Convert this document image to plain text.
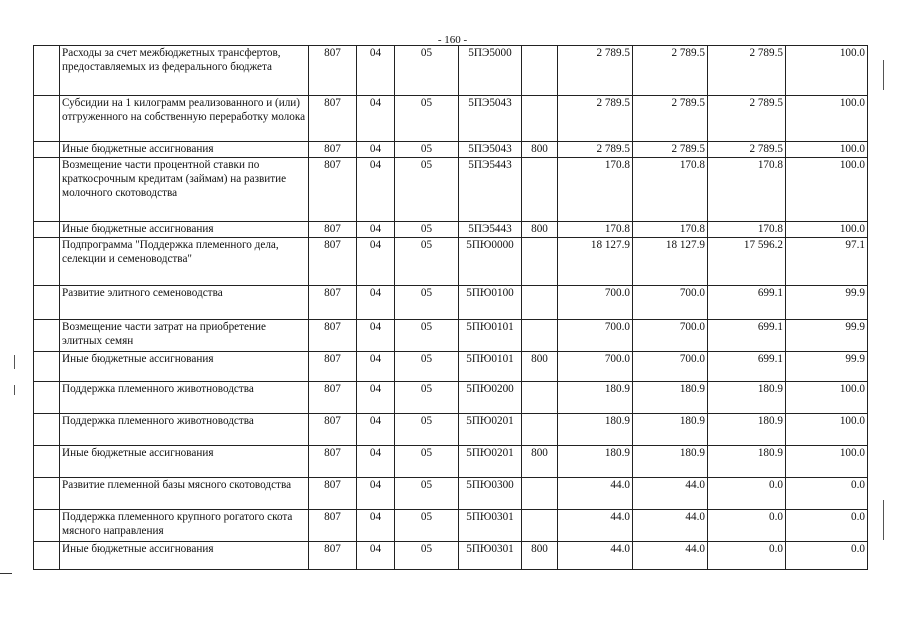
- 160 -
	Расходы за счет межбюджетных трансфертов, предоставляемых из федерального бюджета	807	04	05	5ПЭ5000		2 789.5	2 789.5	2 789.5	100.0
	Субсидии на 1 килограмм реализованного и (или) отгруженного на собственную переработку молока	807	04	05	5ПЭ5043		2 789.5	2 789.5	2 789.5	100.0
	Иные бюджетные ассигнования	807	04	05	5ПЭ5043	800	2 789.5	2 789.5	2 789.5	100.0
	Возмещение части процентной ставки по краткосрочным кредитам (займам) на развитие молочного скотоводства	807	04	05	5ПЭ5443		170.8	170.8	170.8	100.0
	Иные бюджетные ассигнования	807	04	05	5ПЭ5443	800	170.8	170.8	170.8	100.0
	Подпрограмма "Поддержка племенного дела, селекции и семеноводства"	807	04	05	5ПЮ0000		18 127.9	18 127.9	17 596.2	97.1
	Развитие элитного семеноводства	807	04	05	5ПЮ0100		700.0	700.0	699.1	99.9
	Возмещение части затрат на приобретение элитных семян	807	04	05	5ПЮ0101		700.0	700.0	699.1	99.9
	Иные бюджетные ассигнования	807	04	05	5ПЮ0101	800	700.0	700.0	699.1	99.9
	Поддержка племенного животноводства	807	04	05	5ПЮ0200		180.9	180.9	180.9	100.0
	Поддержка племенного животноводства	807	04	05	5ПЮ0201		180.9	180.9	180.9	100.0
	Иные бюджетные ассигнования	807	04	05	5ПЮ0201	800	180.9	180.9	180.9	100.0
	Развитие племенной базы мясного скотоводства	807	04	05	5ПЮ0300		44.0	44.0	0.0	0.0
	Поддержка племенного крупного рогатого скота мясного направления	807	04	05	5ПЮ0301		44.0	44.0	0.0	0.0
	Иные бюджетные ассигнования	807	04	05	5ПЮ0301	800	44.0	44.0	0.0	0.0
